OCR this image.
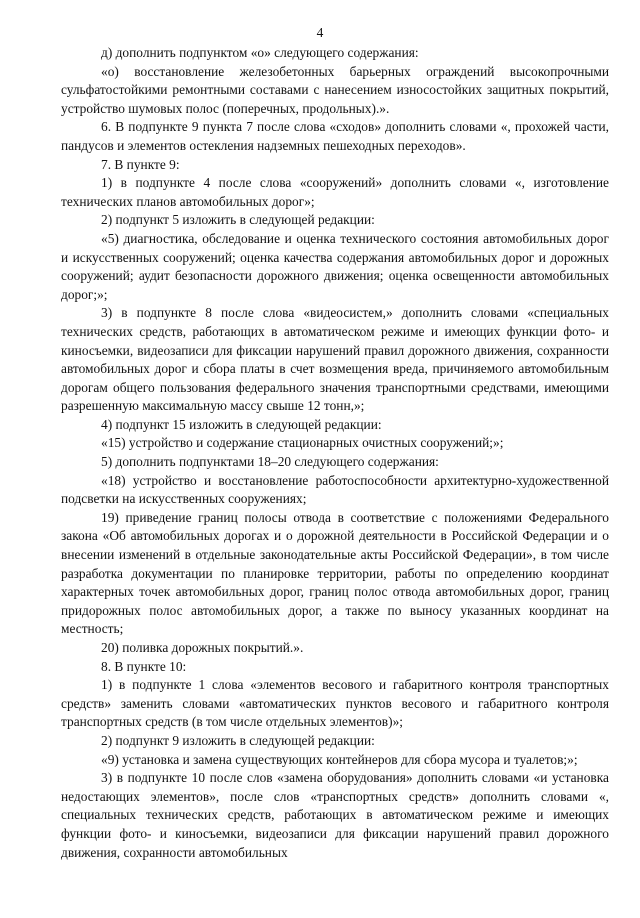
4

д) дополнить подпунктом «о» следующего содержания:

«о) восстановление железобетонных барьерных ограждений высокопрочными сульфатостойкими ремонтными составами с нанесением износостойких защитных покрытий, устройство шумовых полос (поперечных, продольных).».

6. В подпункте 9 пункта 7 после слова «сходов» дополнить словами «, прохожей части, пандусов и элементов остекления надземных пешеходных переходов».

7. В пункте 9:

1) в подпункте 4 после слова «сооружений» дополнить словами «, изготовление технических планов автомобильных дорог»;

2) подпункт 5 изложить в следующей редакции:

«5) диагностика, обследование и оценка технического состояния автомобильных дорог и искусственных сооружений; оценка качества содержания автомобильных дорог и дорожных сооружений; аудит безопасности дорожного движения; оценка освещенности автомобильных дорог;»;

3) в подпункте 8 после слова «видеосистем,» дополнить словами «специальных технических средств, работающих в автоматическом режиме и имеющих функции фото- и киносъемки, видеозаписи для фиксации нарушений правил дорожного движения, сохранности автомобильных дорог и сбора платы в счет возмещения вреда, причиняемого автомобильным дорогам общего пользования федерального значения транспортными средствами, имеющими разрешенную максимальную массу свыше 12 тонн,»;

4) подпункт 15 изложить в следующей редакции:

«15) устройство и содержание стационарных очистных сооружений;»;

5) дополнить подпунктами 18–20 следующего содержания:

«18) устройство и восстановление работоспособности архитектурно-художественной подсветки на искусственных сооружениях;

19) приведение границ полосы отвода в соответствие с положениями Федерального закона «Об автомобильных дорогах и о дорожной деятельности в Российской Федерации и о внесении изменений в отдельные законодательные акты Российской Федерации», в том числе разработка документации по планировке территории, работы по определению координат характерных точек автомобильных дорог, границ полос отвода автомобильных дорог, границ придорожных полос автомобильных дорог, а также по выносу указанных координат на местность;

20) поливка дорожных покрытий.».

8. В пункте 10:

1) в подпункте 1 слова «элементов весового и габаритного контроля транспортных средств» заменить словами «автоматических пунктов весового и габаритного контроля транспортных средств (в том числе отдельных элементов)»;

2) подпункт 9 изложить в следующей редакции:

«9) установка и замена существующих контейнеров для сбора мусора и туалетов;»;

3) в подпункте 10 после слов «замена оборудования» дополнить словами «и установка недостающих элементов», после слов «транспортных средств» дополнить словами «, специальных технических средств, работающих в автоматическом режиме и имеющих функции фото- и киносъемки, видеозаписи для фиксации нарушений правил дорожного движения, сохранности автомобильных
